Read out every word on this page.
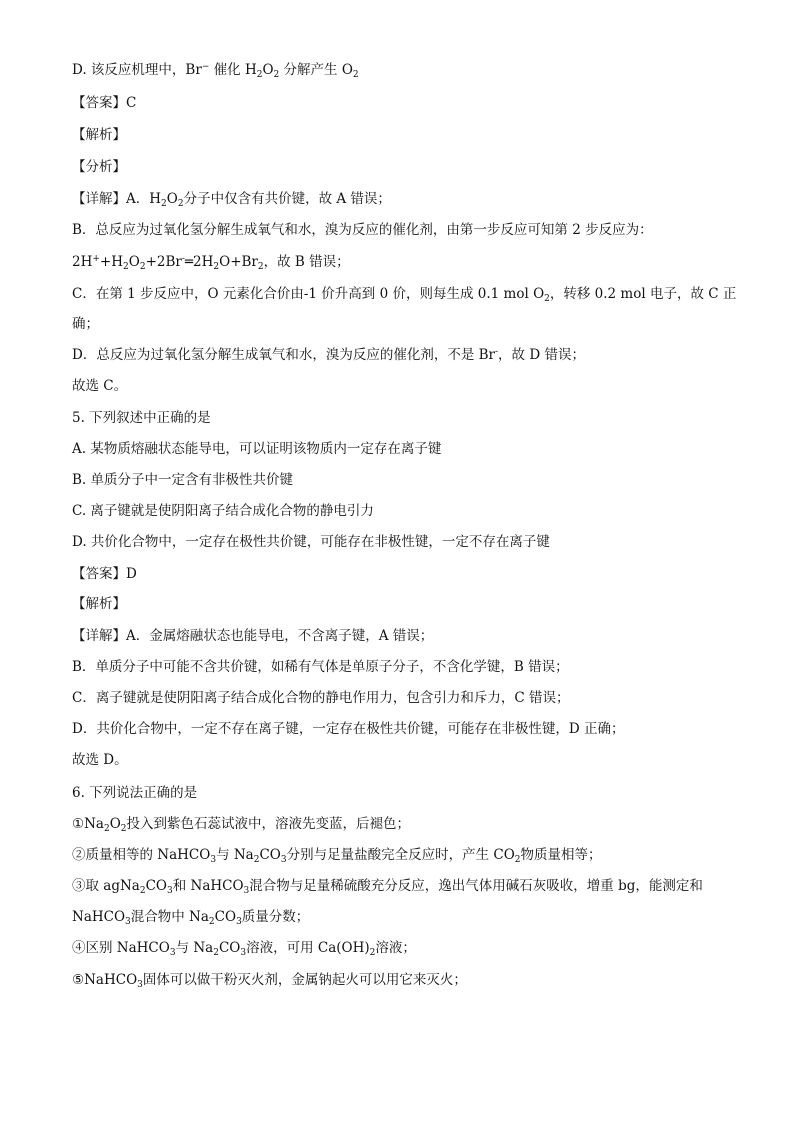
D. 该反应机理中，Br− 催化 $H_2O_2$ 分解产生 $O_2$
【答案】C
【解析】
【分析】
【详解】A．$H_2O_2$分子中仅含有共价键，故 A 错误；
B．总反应为过氧化氢分解生成氧气和水，溴为反应的催化剂，由第一步反应可知第 2 步反应为：
$2H^++H_2O_2+2Br^-═2H_2O+Br_2$，故 B 错误；
C．在第 1 步反应中，O 元素化合价由-1 价升高到 0 价，则每生成 0.1 mol $O_2$，转移 0.2 mol 电子，故 C 正
确；
D．总反应为过氧化氢分解生成氧气和水，溴为反应的催化剂，不是 Br-，故 D 错误；
故选 C。
5. 下列叙述中正确的是
A. 某物质熔融状态能导电，可以证明该物质内一定存在离子键
B. 单质分子中一定含有非极性共价键
C. 离子键就是使阴阳离子结合成化合物的静电引力
D. 共价化合物中，一定存在极性共价键，可能存在非极性键，一定不存在离子键
【答案】D
【解析】
【详解】A．金属熔融状态也能导电，不含离子键，A 错误；
B．单质分子中可能不含共价键，如稀有气体是单原子分子，不含化学键，B 错误；
C．离子键就是使阴阳离子结合成化合物的静电作用力，包含引力和斥力，C 错误；
D．共价化合物中，一定不存在离子键，一定存在极性共价键，可能存在非极性键，D 正确；
故选 D。
6. 下列说法正确的是
$①Na_2O_2$投入到紫色石蕊试液中，溶液先变蓝，后褪色；
②质量相等的 NaHCO$_3$与 $Na_2CO_3$分别与足量盐酸完全反应时，产生 $CO_2$物质量相等；
③取 $agNa_2CO_3$和 NaHCO$_3$混合物与足量稀硫酸充分反应，逸出气体用碱石灰吸收，增重 bg，能测定和
NaHCO$_3$混合物中 $Na_2CO_3$质量分数；
④区别 NaHCO$_3$与 $Na_2CO_3$溶液，可用 $Ca(OH)_2$溶液；
⑤NaHCO$_3$固体可以做干粉灭火剂，金属钠起火可以用它来灭火；
